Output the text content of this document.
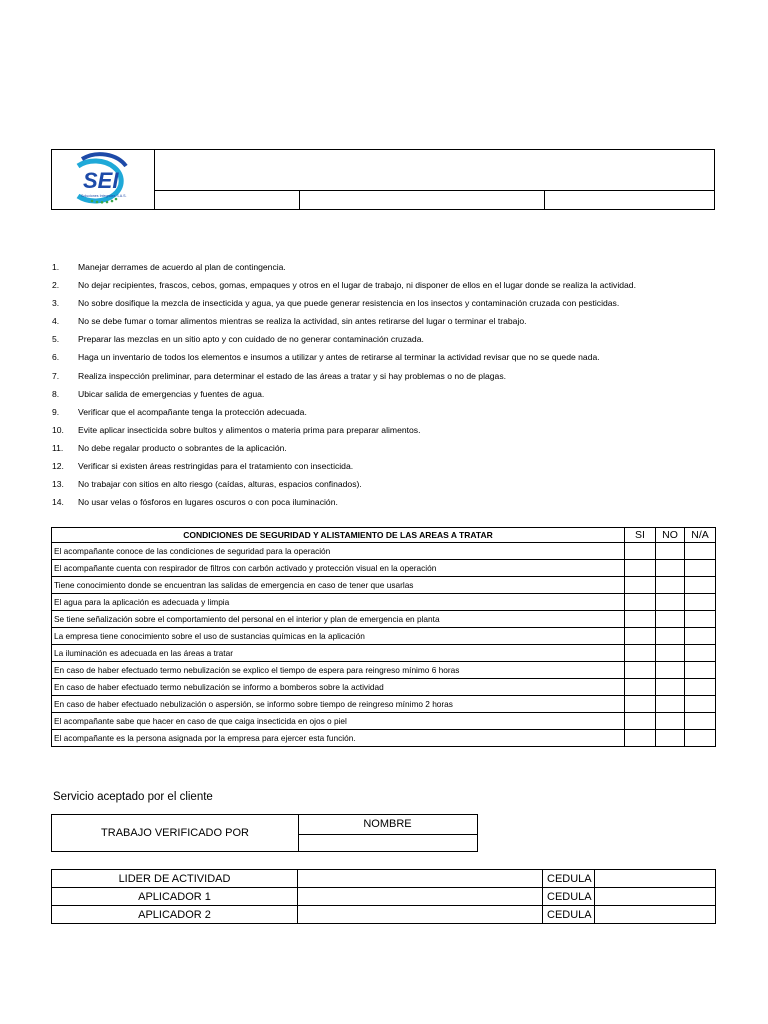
SEI
Soluciones Integrales S.A.S.
1.	Manejar derrames de acuerdo al plan de contingencia.
2.	No dejar recipientes, frascos, cebos, gomas, empaques y otros en el lugar de trabajo, ni disponer de ellos en el lugar donde se realiza la actividad.
3.	No sobre dosifique la mezcla de insecticida y agua, ya que puede generar resistencia en los insectos y contaminación cruzada con pesticidas.
4.	No se debe fumar o tomar alimentos mientras se realiza la actividad, sin antes retirarse del lugar o terminar el trabajo.
5.	Preparar las mezclas en un sitio apto y con cuidado de no generar contaminación cruzada.
6.	Haga un inventario de todos los elementos e insumos a utilizar y antes de retirarse al terminar la actividad revisar que no se quede nada.
7.	Realiza inspección preliminar, para determinar el estado de las áreas a tratar y si hay problemas o no de plagas.
8.	Ubicar salida de emergencias y fuentes de agua.
9.	Verificar que el acompañante tenga la protección adecuada.
10.	Evite aplicar insecticida sobre bultos y alimentos o materia prima para preparar alimentos.
11.	No debe regalar producto o sobrantes de la aplicación.
12.	Verificar si existen áreas restringidas para el tratamiento con insecticida.
13.	No trabajar con sitios en alto riesgo (caídas, alturas, espacios confinados).
14.	No usar velas o fósforos en lugares oscuros o con poca iluminación.
CONDICIONES DE SEGURIDAD Y ALISTAMIENTO DE LAS AREAS A TRATAR	SI	NO	N/A
El acompañante conoce de las condiciones de seguridad para la operación			
El acompañante cuenta con respirador de filtros con carbón activado y protección visual en la operación			
Tiene conocimiento donde se encuentran las salidas de emergencia en caso de tener que usarlas			
El agua para la aplicación es adecuada y limpia			
Se tiene señalización sobre el comportamiento del personal en el interior y plan de emergencia en planta			
La empresa tiene conocimiento sobre el uso de sustancias químicas en la aplicación			
La iluminación es adecuada en las áreas a tratar			
En caso de haber efectuado termo nebulización se explico el tiempo de espera para reingreso mínimo 6 horas			
En caso de haber efectuado termo nebulización se informo a bomberos sobre la actividad			
En caso de haber efectuado nebulización o aspersión, se informo sobre tiempo de reingreso mínimo 2 horas			
El acompañante sabe que hacer en caso de que caiga insecticida en ojos o piel			
El acompañante es la persona asignada por la empresa para ejercer esta función.			
Servicio aceptado por el cliente
TRABAJO VERIFICADO POR
NOMBRE
LIDER DE ACTIVIDAD		CEDULA	
APLICADOR 1		CEDULA	
APLICADOR 2		CEDULA	
